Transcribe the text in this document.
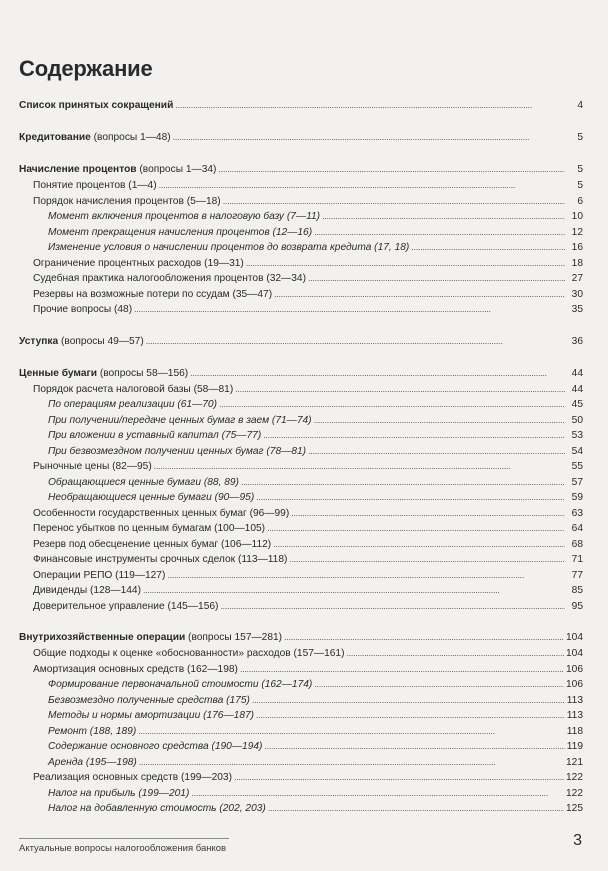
Содержание
Список принятых сокращений . . .	4
Кредитование (вопросы 1—48) . . .	5
Начисление процентов (вопросы 1—34) . . .	5
Понятие процентов (1—4) . . .	5
Порядок начисления процентов (5—18) . . .	6
Момент включения процентов в налоговую базу (7—11) . . .	10
Момент прекращения начисления процентов (12—16) . . .	12
Изменение условия о начислении процентов до возврата кредита (17, 18) . . .	16
Ограничение процентных расходов (19—31) . . .	18
Судебная практика налогообложения процентов (32—34) . . .	27
Резервы на возможные потери по ссудам (35—47) . . .	30
Прочие вопросы (48) . . .	35
Уступка (вопросы 49—57) . . .	36
Ценные бумаги (вопросы 58—156) . . .	44
Порядок расчета налоговой базы (58—81) . . .	44
По операциям реализации (61—70) . . .	45
При получении/передаче ценных бумаг в заем (71—74) . . .	50
При вложении в уставный капитал (75—77) . . .	53
При безвозмездном получении ценных бумаг (78—81) . . .	54
Рыночные цены (82—95) . . .	55
Обращающиеся ценные бумаги (88, 89) . . .	57
Необращающиеся ценные бумаги (90—95) . . .	59
Особенности государственных ценных бумаг (96—99) . . .	63
Перенос убытков по ценным бумагам (100—105) . . .	64
Резерв под обесценение ценных бумаг (106—112) . . .	68
Финансовые инструменты срочных сделок (113—118) . . .	71
Операции РЕПО (119—127) . . .	77
Дивиденды (128—144) . . .	85
Доверительное управление (145—156) . . .	95
Внутрихозяйственные операции (вопросы 157—281) . . .	104
Общие подходы к оценке «обоснованности» расходов (157—161) . . .	104
Амортизация основных средств (162—198) . . .	106
Формирование первоначальной стоимости (162—174) . . .	106
Безвозмездно полученные средства (175) . . .	113
Методы и нормы амортизации (176—187) . . .	113
Ремонт (188, 189) . . .	118
Содержание основного средства (190—194) . . .	119
Аренда (195—198) . . .	121
Реализация основных средств (199—203) . . .	122
Налог на прибыль (199—201) . . .	122
Налог на добавленную стоимость (202, 203) . . .	125
Актуальные вопросы налогообложения банков	3
